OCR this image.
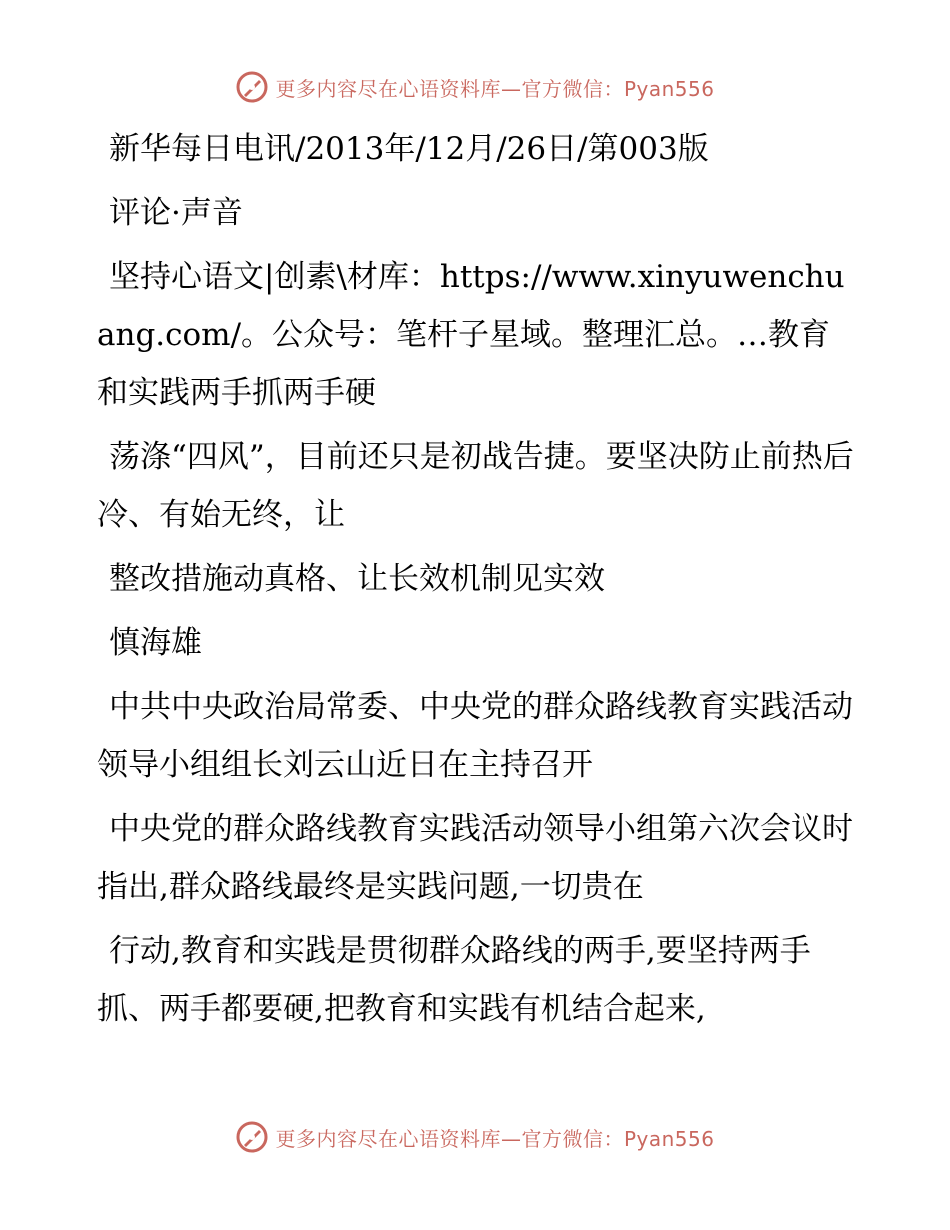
更多内容尽在心语资料库—官方微信：Pyan556

新华每日电讯/2013年/12月/26日/第003版

评论·声音

坚持心语文|创素\材库：https://www.xinyuwenchuang.com/。公众号：笔杆子星域。整理汇总。…教育和实践两手抓两手硬

荡涤“四风”，目前还只是初战告捷。要坚决防止前热后冷、有始无终，让

整改措施动真格、让长效机制见实效

慎海雄

中共中央政治局常委、中央党的群众路线教育实践活动领导小组组长刘云山近日在主持召开

中央党的群众路线教育实践活动领导小组第六次会议时指出,群众路线最终是实践问题,一切贵在

行动,教育和实践是贯彻群众路线的两手,要坚持两手抓、两手都要硬,把教育和实践有机结合起来,

更多内容尽在心语资料库—官方微信：Pyan556
